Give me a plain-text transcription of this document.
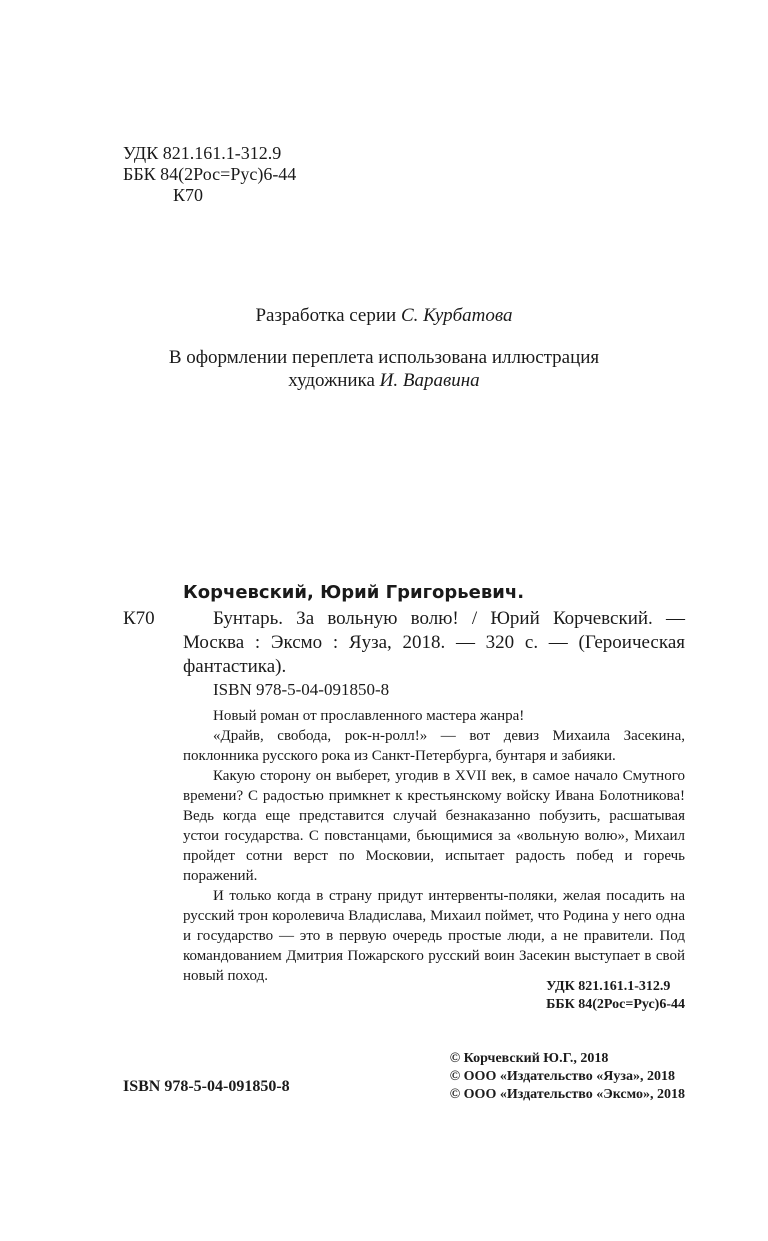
УДК 821.161.1-312.9
ББК 84(2Рос=Рус)6-44
К70

Разработка серии С. Курбатова

В оформлении переплета использована иллюстрация
художника И. Варавина
Корчевский, Юрий Григорьевич.
К70	Бунтарь. За вольную волю! / Юрий Корчевский. — Москва : Эксмо : Яуза, 2018. — 320 с. — (Героическая фантастика).
ISBN 978-5-04-091850-8

Новый роман от прославленного мастера жанра!

«Драйв, свобода, рок-н-ролл!» — вот девиз Михаила Засекина, поклонника русского рока из Санкт-Петербурга, бунтаря и забияки.

Какую сторону он выберет, угодив в XVII век, в самое начало Смутного времени? С радостью примкнет к крестьянскому войску Ивана Болотникова! Ведь когда еще представится случай безнаказанно побузить, расшатывая устои государства. С повстанцами, бьющимися за «вольную волю», Михаил пройдет сотни верст по Московии, испытает радость побед и горечь поражений.

И только когда в страну придут интервенты-поляки, желая посадить на русский трон королевича Владислава, Михаил поймет, что Родина у него одна и государство — это в первую очередь простые люди, а не правители. Под командованием Дмитрия Пожарского русский воин Засекин выступает в свой новый поход.

УДК 821.161.1-312.9
ББК 84(2Рос=Рус)6-44
© Корчевский Ю.Г., 2018
© ООО «Издательство «Яуза», 2018
© ООО «Издательство «Эксмо», 2018
ISBN 978-5-04-091850-8
